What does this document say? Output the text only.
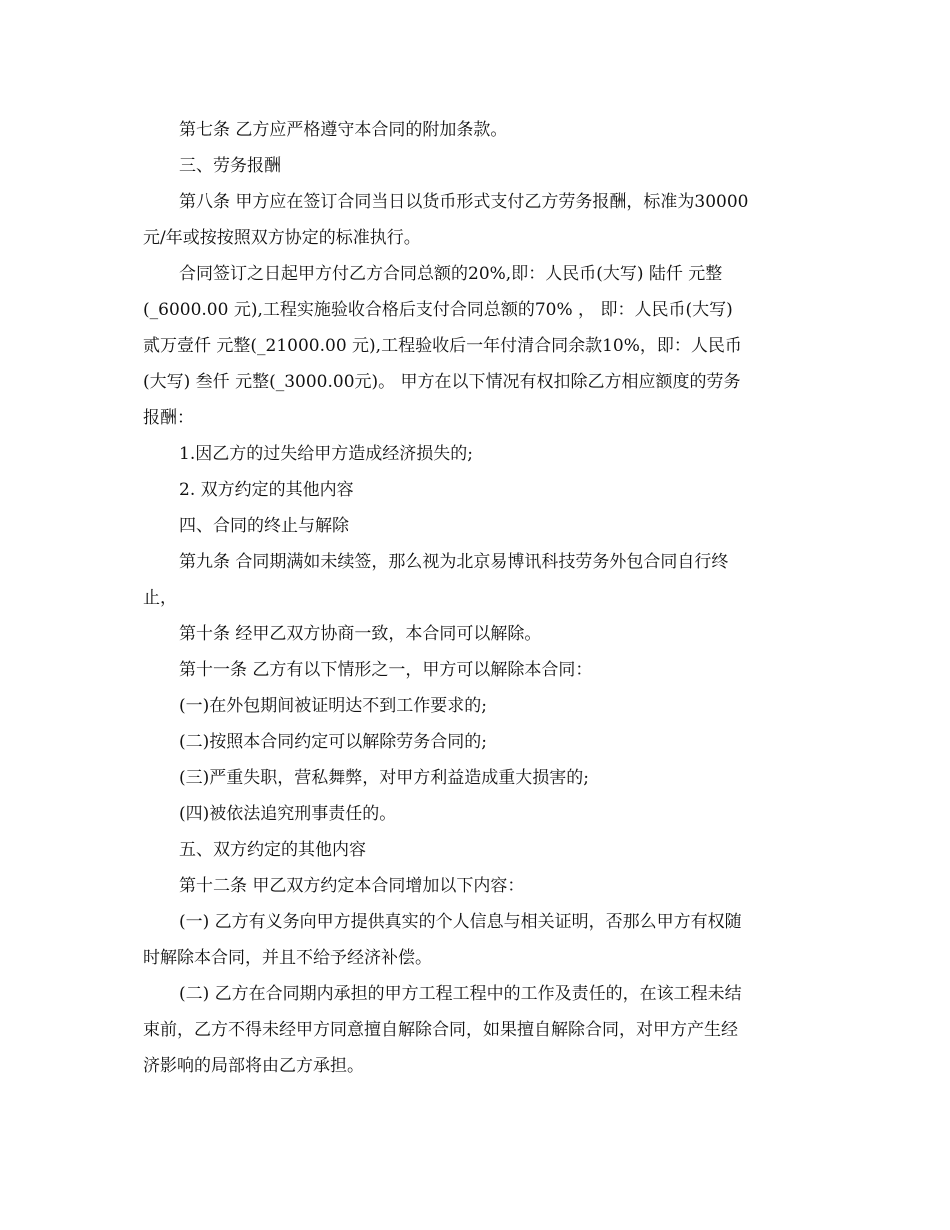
第七条 乙方应严格遵守本合同的附加条款。
三、劳务报酬
第八条 甲方应在签订合同当日以货币形式支付乙方劳务报酬，标准为30000
元/年或按按照双方协定的标准执行。
合同签订之日起甲方付乙方合同总额的20%,即：人民币(大写) 陆仟 元整
(_6000.00 元),工程实施验收合格后支付合同总额的70% ， 即：人民币(大写)
贰万壹仟 元整(_21000.00 元),工程验收后一年付清合同余款10%，即：人民币
(大写) 叁仟 元整(_3000.00元)。 甲方在以下情况有权扣除乙方相应额度的劳务
报酬：
1.因乙方的过失给甲方造成经济损失的;
2. 双方约定的其他内容
四、合同的终止与解除
第九条 合同期满如未续签，那么视为北京易博讯科技劳务外包合同自行终
止，
第十条 经甲乙双方协商一致，本合同可以解除。
第十一条 乙方有以下情形之一，甲方可以解除本合同：
(一)在外包期间被证明达不到工作要求的;
(二)按照本合同约定可以解除劳务合同的;
(三)严重失职，营私舞弊，对甲方利益造成重大损害的;
(四)被依法追究刑事责任的。
五、双方约定的其他内容
第十二条 甲乙双方约定本合同增加以下内容：
(一) 乙方有义务向甲方提供真实的个人信息与相关证明，否那么甲方有权随
时解除本合同，并且不给予经济补偿。
(二) 乙方在合同期内承担的甲方工程工程中的工作及责任的，在该工程未结
束前，乙方不得未经甲方同意擅自解除合同，如果擅自解除合同，对甲方产生经
济影响的局部将由乙方承担。
